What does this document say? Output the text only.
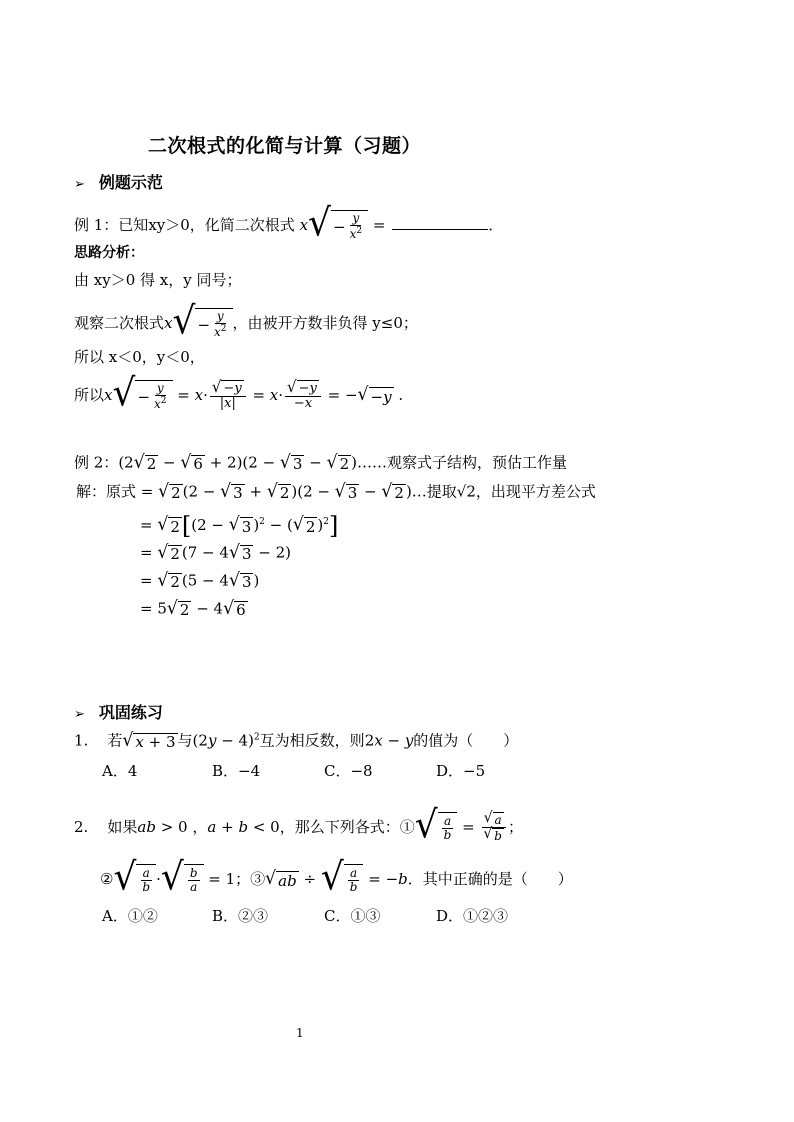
二次根式的化简与计算（习题）
➢ 例题示范
例 1：已知xy＞0，化简二次根式 x √ − $\frac{y}{x^2}$ =	．
思路分析：
由 xy＞0 得 x，y 同号；
观察二次根式x √ − $\frac{y}{x^2}$ ，由被开方数非负得 y≤0；
所以 x＜0，y＜0，
所以x √ − $\frac{y}{x^2} = x\cdot \frac{√ - y}{|x|} = x\cdot \frac{√ - y}{-x}$ = − √ − y .
例 2：(2 √ 2 − √ 6 + 2)(2 − √ 3 − √ 2 )……观察式子结构，预估工作量
解：原式 = √ 2 (2 − √ 3 + √ 2 )(2 − √ 3 − √ 2 )…提取√2，出现平方差公式
= √ 2 [(2 − √ 3 )$^2$ − ( √ 2 )$^2$]
= √ 2 (7 − 4 √ 3 − 2)
= √ 2 (5 − 4 √ 3 )
= 5 √ 2 − 4 √ 6
➢ 巩固练习
1. 若 √ x + 3 与$(2y - 4)^2$互为相反数，则2x − y的值为（　　）
A．4	B．−4	C．−8	D．−5
2. 如果ab > 0 ，a + b < 0，那么下列各式：① √ $\frac{a}{b} = \frac{√ a}{√ b}$ ；
② √ $\frac{a}{b}$ · √ $\frac{b}{a} = 1$；③ √ ab ÷ √ $\frac{a}{b} = -b$．其中正确的是（　　）
A．①②	B．②③	C．①③	D．①②③
1
